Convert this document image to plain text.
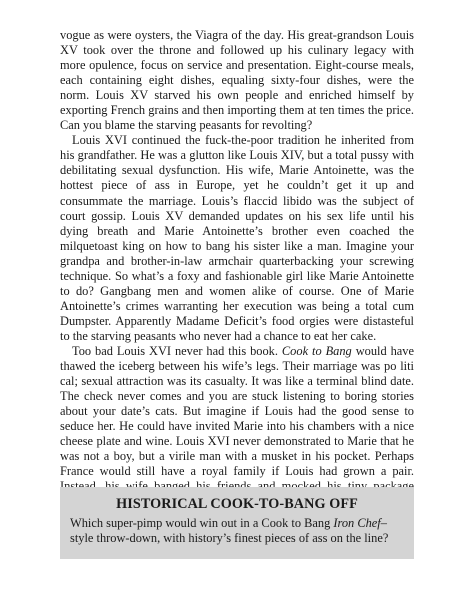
vogue as were oysters, the Viagra of the day. His great-grandson Louis XV took over the throne and followed up his culinary legacy with more opulence, focus on service and presentation. Eight-course meals, each containing eight dishes, equaling sixty-four dishes, were the norm. Louis XV starved his own people and enriched himself by exporting French grains and then importing them at ten times the price. Can you blame the starving peasants for revolting?

Louis XVI continued the fuck-the-poor tradition he inherited from his grandfather. He was a glutton like Louis XIV, but a total pussy with debilitating sexual dysfunction. His wife, Marie Antoinette, was the hottest piece of ass in Europe, yet he couldn’t get it up and consummate the marriage. Louis’s flaccid libido was the subject of court gossip. Louis XV demanded updates on his sex life until his dying breath and Marie Antoinette’s brother even coached the milquetoast king on how to bang his sister like a man. Imagine your grandpa and brother-in-law armchair quarterbacking your screwing technique. So what’s a foxy and fashionable girl like Marie Antoinette to do? Gangbang men and women alike of course. One of Marie Antoinette’s crimes warranting her execution was being a total cum Dumpster. Apparently Madame Deficit’s food orgies were distasteful to the starving peasants who never had a chance to eat her cake.

Too bad Louis XVI never had this book. Cook to Bang would have thawed the iceberg between his wife’s legs. Their marriage was po liti cal; sexual attraction was its casualty. It was like a terminal blind date. The check never comes and you are stuck listening to boring stories about your date’s cats. But imagine if Louis had the good sense to seduce her. He could have invited Marie into his chambers with a nice cheese plate and wine. Louis XVI never demonstrated to Marie that he was not a boy, but a virile man with a musket in his pocket. Perhaps France would still have a royal family if Louis had grown a pair.

HISTORICAL COOK-TO-BANG OFF

Which super-pimp would win out in a Cook to Bang Iron Chef–style throw-down, with history’s finest pieces of ass on the line?
